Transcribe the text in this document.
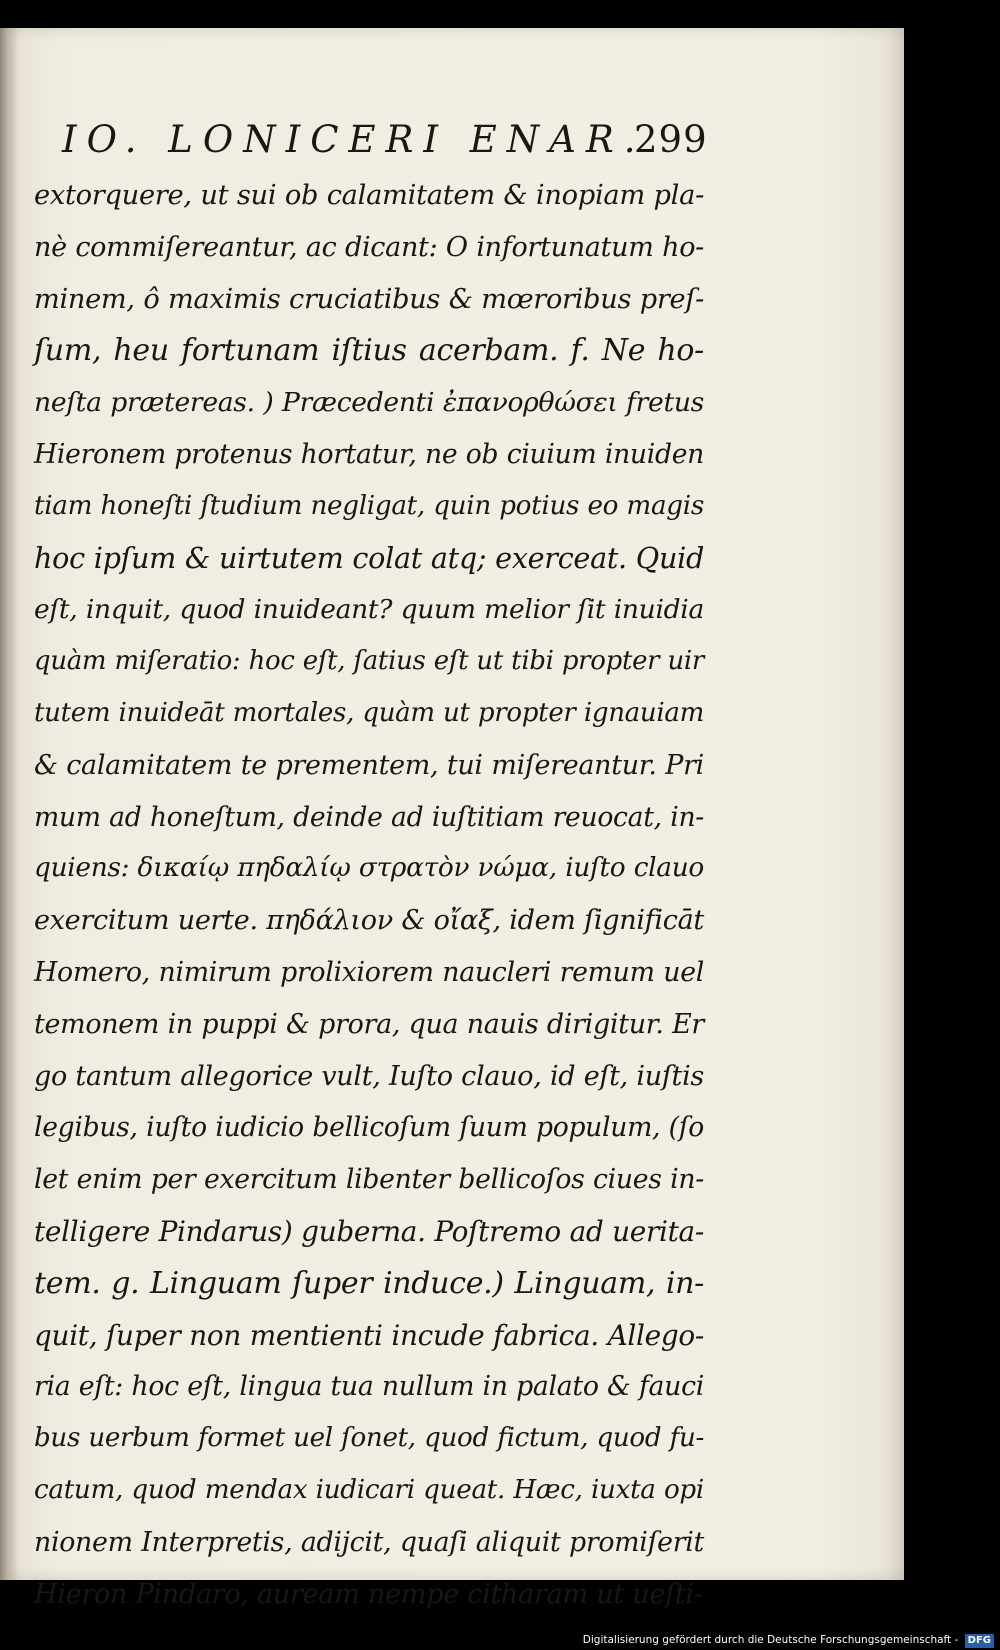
IO. LONICERI ENAR.
299
extorquere, ut sui ob calamitatem & inopiam pla-
nè commiſereantur, ac dicant: O infortunatum ho-
minem, ô maximis cruciatibus & mœroribus preſ-
ſum, heu fortunam iſtius acerbam. f. Ne ho-
neſta prætereas. ) Præcedenti ἐπανορθώσει fretus
Hieronem protenus hortatur, ne ob ciuium inuiden
tiam honeſti ſtudium negligat, quin potius eo magis
hoc ipſum & uirtutem colat atq; exerceat. Quid
eſt, inquit, quod inuideant? quum melior ſit inuidia
quàm miſeratio: hoc eſt, ſatius eſt ut tibi propter uir
tutem inuideāt mortales, quàm ut propter ignauiam
& calamitatem te prementem, tui miſereantur. Pri
mum ad honeſtum, deinde ad iuſtitiam reuocat, in-
quiens: δικαίῳ πηδαλίῳ στρατὸν νώμα, iuſto clauo
exercitum uerte. πηδάλιον & οἴαξ, idem ſignificāt
Homero, nimirum prolixiorem naucleri remum uel
temonem in puppi & prora, qua nauis dirigitur. Er
go tantum allegorice vult, Iuſto clauo, id eſt, iuſtis
legibus, iuſto iudicio bellicoſum ſuum populum, (ſo
let enim per exercitum libenter bellicoſos ciues in-
telligere Pindarus) guberna. Poſtremo ad uerita-
tem. g. Linguam ſuper induce.) Linguam, in-
quit, ſuper non mentienti incude fabrica. Allego-
ria eſt: hoc eſt, lingua tua nullum in palato & fauci
bus uerbum formet uel ſonet, quod fictum, quod fu-
catum, quod mendax iudicari queat. Hæc, iuxta opi
nionem Interpretis, adijcit, quaſi aliquit promiſerit
Hieron Pindaro, auream nempe citharam ut ueſti-
Digitalisierung gefördert durch die Deutsche Forschungsgemeinschaft - DFG
